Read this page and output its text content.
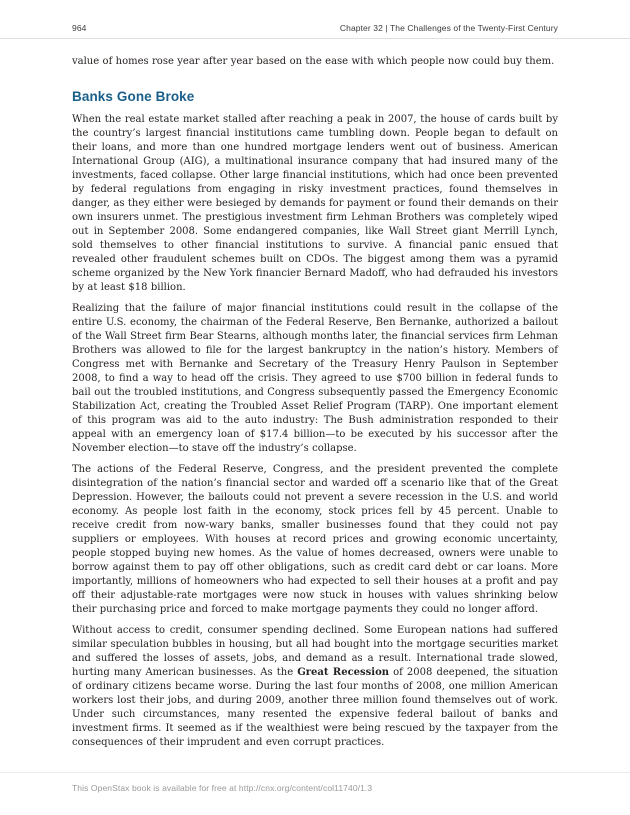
964	Chapter 32 | The Challenges of the Twenty-First Century

value of homes rose year after year based on the ease with which people now could buy them.

Banks Gone Broke

When the real estate market stalled after reaching a peak in 2007, the house of cards built by the country’s largest financial institutions came tumbling down. People began to default on their loans, and more than one hundred mortgage lenders went out of business. American International Group (AIG), a multinational insurance company that had insured many of the investments, faced collapse. Other large financial institutions, which had once been prevented by federal regulations from engaging in risky investment practices, found themselves in danger, as they either were besieged by demands for payment or found their demands on their own insurers unmet. The prestigious investment firm Lehman Brothers was completely wiped out in September 2008. Some endangered companies, like Wall Street giant Merrill Lynch, sold themselves to other financial institutions to survive. A financial panic ensued that revealed other fraudulent schemes built on CDOs. The biggest among them was a pyramid scheme organized by the New York financier Bernard Madoff, who had defrauded his investors by at least $18 billion.

Realizing that the failure of major financial institutions could result in the collapse of the entire U.S. economy, the chairman of the Federal Reserve, Ben Bernanke, authorized a bailout of the Wall Street firm Bear Stearns, although months later, the financial services firm Lehman Brothers was allowed to file for the largest bankruptcy in the nation’s history. Members of Congress met with Bernanke and Secretary of the Treasury Henry Paulson in September 2008, to find a way to head off the crisis. They agreed to use $700 billion in federal funds to bail out the troubled institutions, and Congress subsequently passed the Emergency Economic Stabilization Act, creating the Troubled Asset Relief Program (TARP). One important element of this program was aid to the auto industry: The Bush administration responded to their appeal with an emergency loan of $17.4 billion—to be executed by his successor after the November election—to stave off the industry’s collapse.

The actions of the Federal Reserve, Congress, and the president prevented the complete disintegration of the nation’s financial sector and warded off a scenario like that of the Great Depression. However, the bailouts could not prevent a severe recession in the U.S. and world economy. As people lost faith in the economy, stock prices fell by 45 percent. Unable to receive credit from now-wary banks, smaller businesses found that they could not pay suppliers or employees. With houses at record prices and growing economic uncertainty, people stopped buying new homes. As the value of homes decreased, owners were unable to borrow against them to pay off other obligations, such as credit card debt or car loans. More importantly, millions of homeowners who had expected to sell their houses at a profit and pay off their adjustable-rate mortgages were now stuck in houses with values shrinking below their purchasing price and forced to make mortgage payments they could no longer afford.

Without access to credit, consumer spending declined. Some European nations had suffered similar speculation bubbles in housing, but all had bought into the mortgage securities market and suffered the losses of assets, jobs, and demand as a result. International trade slowed, hurting many American businesses. As the Great Recession of 2008 deepened, the situation of ordinary citizens became worse. During the last four months of 2008, one million American workers lost their jobs, and during 2009, another three million found themselves out of work. Under such circumstances, many resented the expensive federal bailout of banks and investment firms. It seemed as if the wealthiest were being rescued by the taxpayer from the consequences of their imprudent and even corrupt practices.

This OpenStax book is available for free at http://cnx.org/content/col11740/1.3
